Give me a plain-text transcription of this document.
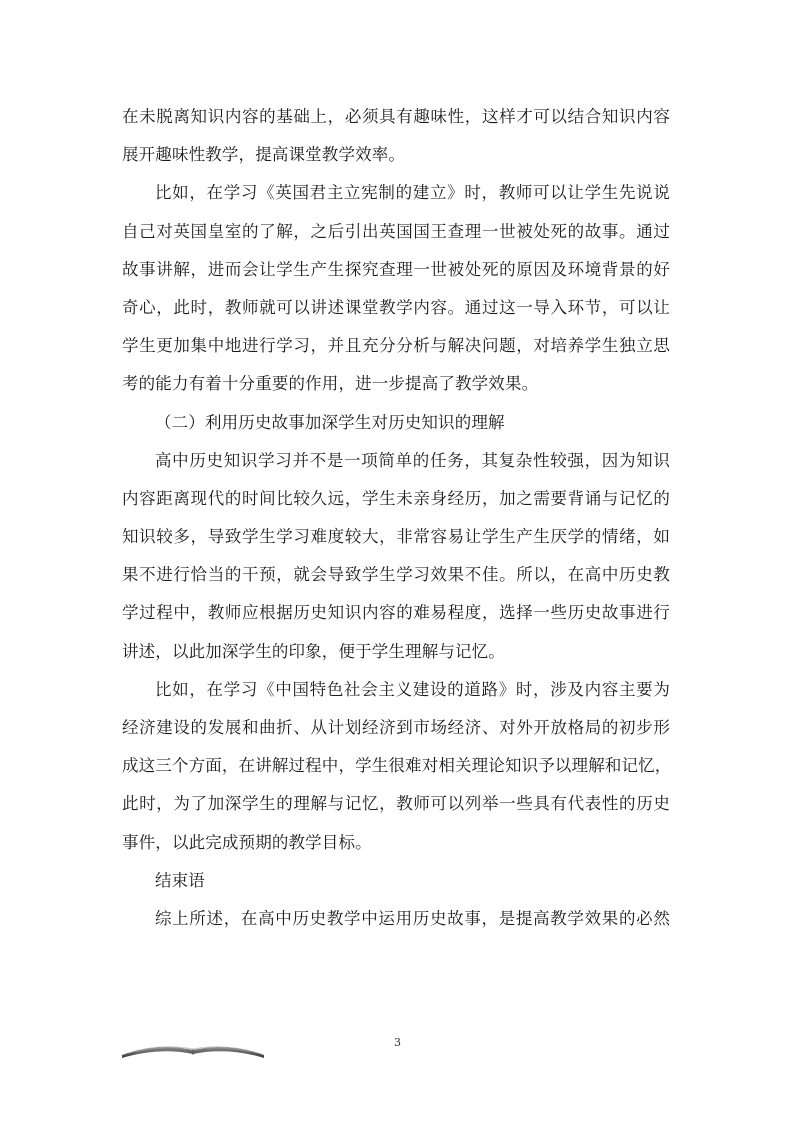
在未脱离知识内容的基础上，必须具有趣味性，这样才可以结合知识内容
展开趣味性教学，提高课堂教学效率。
比如，在学习《英国君主立宪制的建立》时，教师可以让学生先说说
自己对英国皇室的了解，之后引出英国国王查理一世被处死的故事。通过
故事讲解，进而会让学生产生探究查理一世被处死的原因及环境背景的好
奇心，此时，教师就可以讲述课堂教学内容。通过这一导入环节，可以让
学生更加集中地进行学习，并且充分分析与解决问题，对培养学生独立思
考的能力有着十分重要的作用，进一步提高了教学效果。
（二）利用历史故事加深学生对历史知识的理解
高中历史知识学习并不是一项简单的任务，其复杂性较强，因为知识
内容距离现代的时间比较久远，学生未亲身经历，加之需要背诵与记忆的
知识较多，导致学生学习难度较大，非常容易让学生产生厌学的情绪，如
果不进行恰当的干预，就会导致学生学习效果不佳。所以，在高中历史教
学过程中，教师应根据历史知识内容的难易程度，选择一些历史故事进行
讲述，以此加深学生的印象，便于学生理解与记忆。
比如，在学习《中国特色社会主义建设的道路》时，涉及内容主要为
经济建设的发展和曲折、从计划经济到市场经济、对外开放格局的初步形
成这三个方面，在讲解过程中，学生很难对相关理论知识予以理解和记忆，
此时，为了加深学生的理解与记忆，教师可以列举一些具有代表性的历史
事件，以此完成预期的教学目标。
结束语
综上所述，在高中历史教学中运用历史故事，是提高教学效果的必然
3
